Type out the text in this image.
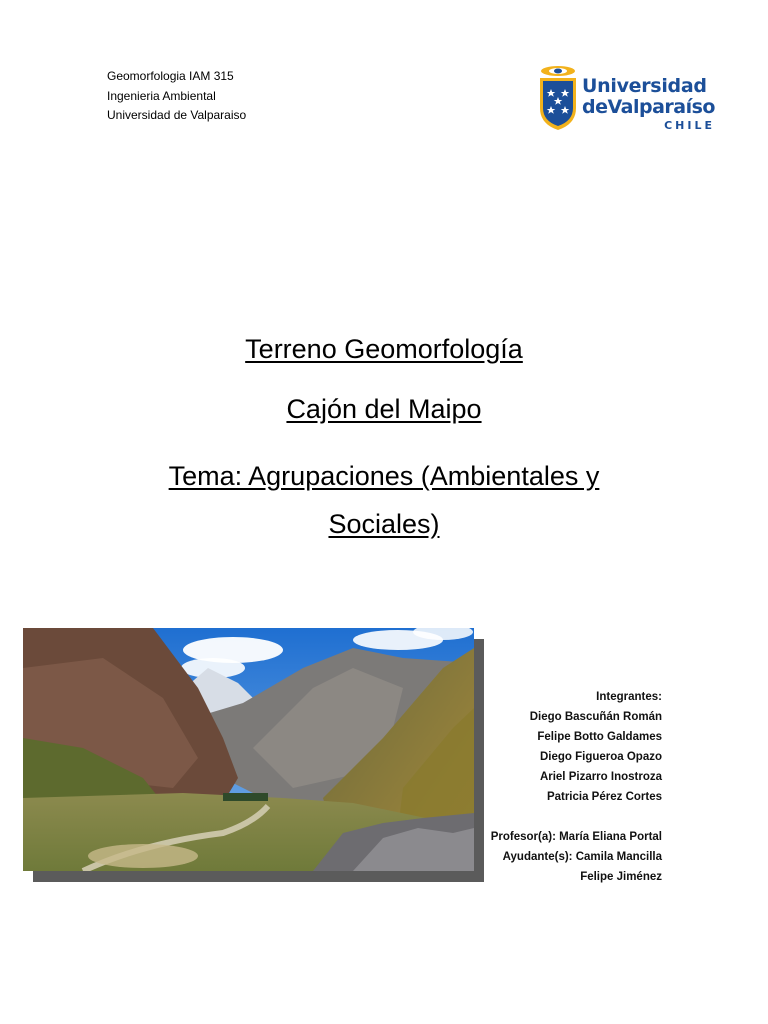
Geomorfologia IAM 315
Ingenieria Ambiental
Universidad de Valparaiso
Universidad
deValparaíso
CHILE
Terreno Geomorfología
Cajón del Maipo
Tema: Agrupaciones (Ambientales y Sociales)
Integrantes:
Diego Bascuñán Román
Felipe Botto Galdames
Diego Figueroa Opazo
Ariel Pizarro Inostroza
Patricia Pérez Cortes
Profesor(a): María Eliana Portal
Ayudante(s): Camila Mancilla
Felipe Jiménez
